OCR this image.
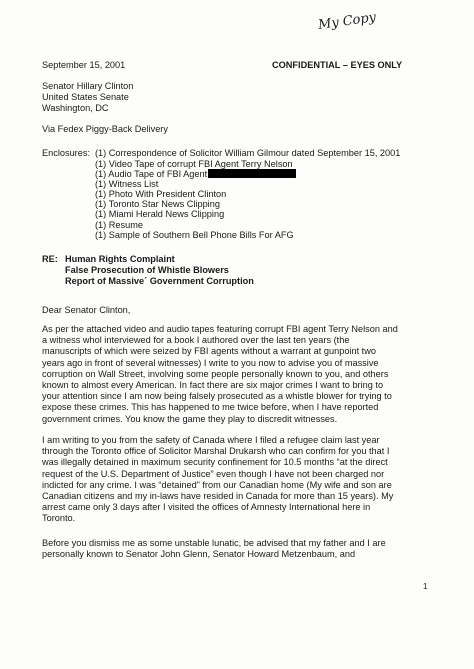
My Copy
September 15, 2001	CONFIDENTIAL – EYES ONLY
Senator Hillary Clinton
United States Senate
Washington, DC
Via Fedex Piggy-Back Delivery
Enclosures: (1) Correspondence of Solicitor William Gilmour dated September 15, 2001
(1) Video Tape of corrupt FBI Agent Terry Nelson
(1) Audio Tape of FBI Agent
(1) Witness List
(1) Photo With President Clinton
(1) Toronto Star News Clipping
(1) Miami Herald News Clipping
(1) Resume
(1) Sample of Southern Bell Phone Bills For AFG
RE: Human Rights Complaint
False Prosecution of Whistle Blowers
Report of Massive´ Government Corruption
Dear Senator Clinton,
As per the attached video and audio tapes featuring corrupt FBI agent Terry Nelson and
a witness whol interviewed for a book I authored over the last ten years (the
manuscripts of which were seized by FBI agents without a warrant at gunpoint two
years ago in front of several witnesses) I write to you now to advise you of massive
corruption on Wall Street, involving some people personally known to you, and others
known to almost every American. In fact there are six major crimes I want to bring to
your attention since I am now being falsely prosecuted as a whistle blower for trying to
expose these crimes. This has happened to me twice before, when I have reported
government crimes. You know the game they play to discredit witnesses.
I am writing to you from the safety of Canada where I filed a refugee claim last year
through the Toronto office of Solicitor Marshal Drukarsh who can confirm for you that I
was illegally detained in maximum security confinement for 10.5 months “at the direct
request of the U.S. Department of Justice” even though I have not been charged nor
indicted for any crime. I was “detained” from our Canadian home (My wife and son are
Canadian citizens and my in-laws have resided in Canada for more than 15 years). My
arrest came only 3 days after I visited the offices of Amnesty International here in
Toronto.
Before you dismiss me as some unstable lunatic, be advised that my father and I are
personally known to Senator John Glenn, Senator Howard Metzenbaum, and
1
